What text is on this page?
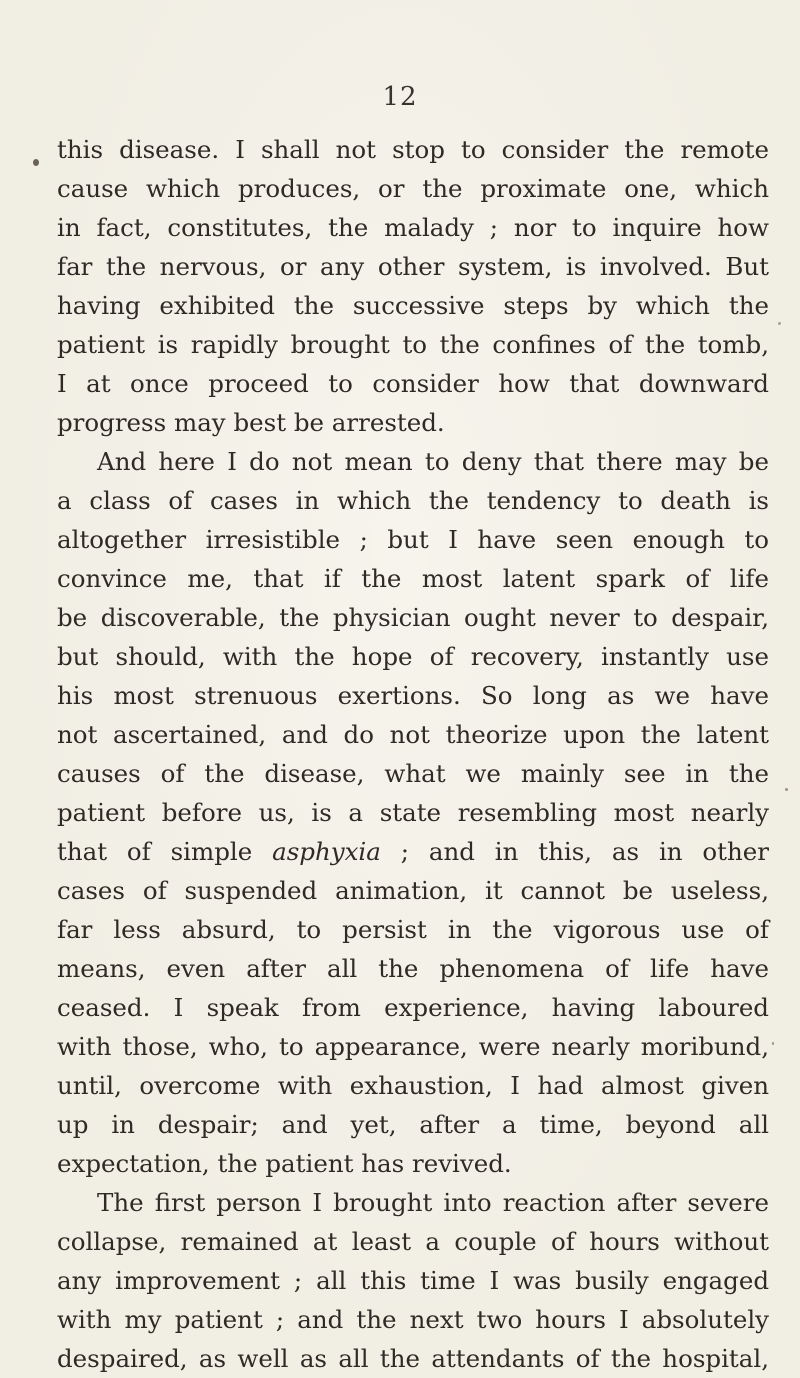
12
this disease. I shall not stop to consider the remote
cause which produces, or the proximate one, which
in fact, constitutes, the malady ; nor to inquire how
far the nervous, or any other system, is involved. But
having exhibited the successive steps by which the
patient is rapidly brought to the confines of the tomb,
I at once proceed to consider how that downward
progress may best be arrested.
And here I do not mean to deny that there may be
a class of cases in which the tendency to death is
altogether irresistible ; but I have seen enough to
convince me, that if the most latent spark of life
be discoverable, the physician ought never to despair,
but should, with the hope of recovery, instantly use
his most strenuous exertions. So long as we have
not ascertained, and do not theorize upon the latent
causes of the disease, what we mainly see in the
patient before us, is a state resembling most nearly
that of simple asphyxia ; and in this, as in other
cases of suspended animation, it cannot be useless,
far less absurd, to persist in the vigorous use of
means, even after all the phenomena of life have
ceased. I speak from experience, having laboured
with those, who, to appearance, were nearly moribund,
until, overcome with exhaustion, I had almost given
up in despair; and yet, after a time, beyond all
expectation, the patient has revived.
The first person I brought into reaction after severe
collapse, remained at least a couple of hours without
any improvement ; all this time I was busily engaged
with my patient ; and the next two hours I absolutely
despaired, as well as all the attendants of the hospital,
